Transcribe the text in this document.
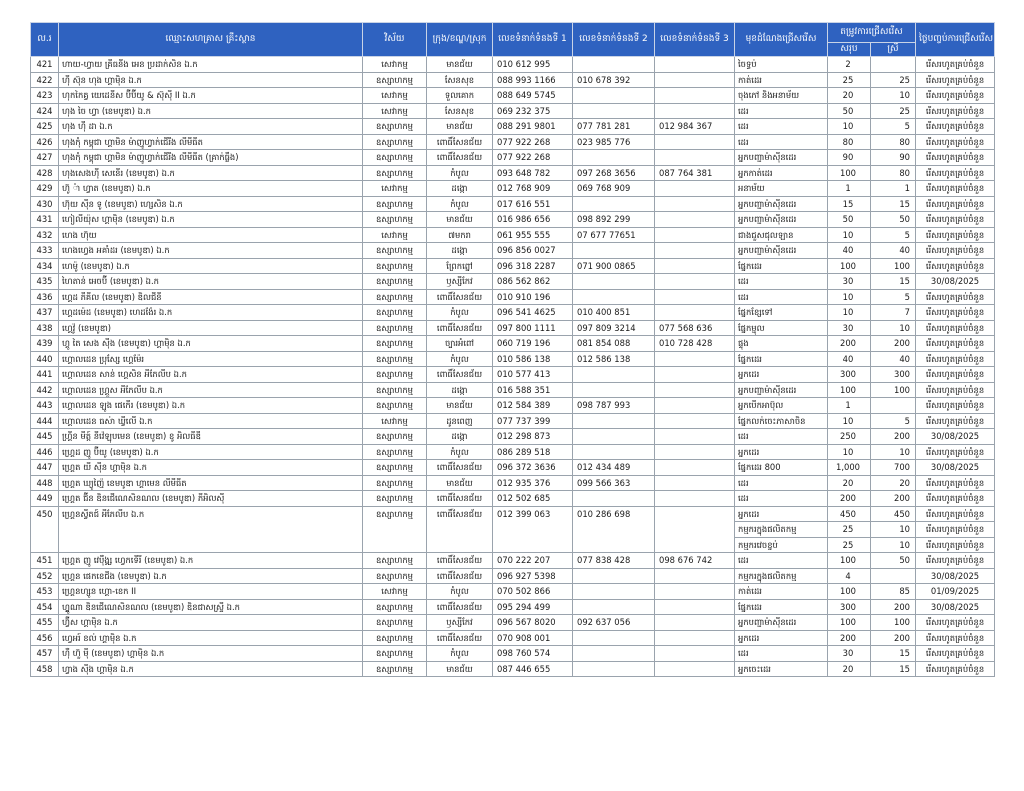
ល.រ	ឈ្មោះសហគ្រាស គ្រឹះស្ថាន	វិស័យ	ក្រុង/ខណ្ឌ/ស្រុក	លេខទំនាក់ទំនងទី 1	លេខទំនាក់ទំនងទី 2	លេខទំនាក់ទំនងទី 3	មុខដំណែងជ្រើសរើស	តម្រូវការជ្រើសរើស		ថ្ងៃបញ្ចប់ការជ្រើសរើស
								សរុប	ស្រី	
421	ហាយ-ហ្វាយ គ្រីធនីង អេន ប្រដាក់សិន ឯ.ក	សេវាកម្ម	មានជ័យ	010 612 995			ចៃទ្ធប់	2		រើសរហូតគ្រប់ចំនួន
422	ហ៊ី ស៊ុន ហុង ហ្គាម៉ិន ឯ.ក	ឧស្សាហកម្ម	សែនសុខ	088 993 1166	010 678 392		កាត់ដេរ	25	25	រើសរហូតគ្រប់ចំនួន
423	ហុកកៃគ្វ យេដេនីស ប៊ីប៊ីយូ & ស៊ុស៊ី II ឯ.ក	សេវាកម្ម	ទួលគោក	088 649 5745			ចុងភៅ និងអនាម័យ	20	10	រើសរហូតគ្រប់ចំនួន
424	ហុង ចៃ ហ្វា (ខេមបូឌា) ឯ.ក	សេវាកម្ម	សែនសុខ	069 232 375			ដេរ	50	25	រើសរហូតគ្រប់ចំនួន
425	ហុង ហ៊ី ដា ឯ.ក	ឧស្សាហកម្ម	មានជ័យ	088 291 9801	077 781 281	012 984 367	ដេរ	10	5	រើសរហូតគ្រប់ចំនួន
426	ហុងកុំ កម្ពុជា ហ្គាមិន ម៉ាញូហ្វាក់ជើរីង លីមីធីត	ឧស្សាហកម្ម	ពោធិ៍សែនជ័យ	077 922 268	023 985 776		ដេរ	80	80	រើសរហូតគ្រប់ចំនួន
427	ហុងកុំ កម្ពុជា ហ្គាមិន ម៉ាញូហ្វាក់ជើរីង លីមីធីត (គ្រាក់ធ្លឹង)	ឧស្សាហកម្ម	ពោធិ៍សែនជ័យ	077 922 268			អ្នកបញ្ជាម៉ាស៊ីនដេរ	90	90	រើសរហូតគ្រប់ចំនួន
428	ហុងសេងហ៊ី សេនើរ (ខេមបូឌា) ឯ.ក	ឧស្សាហកម្ម	កំបូល	093 648 782	097 268 3656	087 764 381	អ្នកកាត់ដេរ	100	80	រើសរហូតគ្រប់ចំនួន
429	ហ៊ូ ៉ា ហ្វាត (ខេមបូឌា) ឯ.ក	សេវាកម្ម	ដង្កោ	012 768 909	069 768 909		អនាម័យ	1	1	រើសរហូតគ្រប់ចំនួន
430	ហ៊ុយ ស៊ីន ទូ (ខេមបូឌា) ហ្សេសិន ឯ.ក	ឧស្សាហកម្ម	កំបូល	017 616 551			អ្នកបញ្ជាម៉ាស៊ីនដេរ	15	15	រើសរហូតគ្រប់ចំនួន
431	ហៀលីយ៉ុស ហ្គាម៉ិន (ខេមបូឌា) ឯ.ក	ឧស្សាហកម្ម	មានជ័យ	016 986 656	098 892 299		អ្នកបញ្ជាម៉ាស៊ីនដេរ	50	50	រើសរហូតគ្រប់ចំនួន
432	ហេង ហ៊ុយ	សេវាកម្ម	៧មករា	061 955 555	07 677 77651		ជាងជួសជុលឡាន	10	5	រើសរហូតគ្រប់ចំនួន
433	ហេងហ្វេង អគាំដរ (ខេមបូឌា) ឯ.ក	ឧស្សាហកម្ម	ដង្កោ	096 856 0027			អ្នកបញ្ជាម៉ាស៊ីនដេរ	40	40	រើសរហូតគ្រប់ចំនួន
434	ហេម៉ូ (ខេមបូឌា) ឯ.ក	ឧស្សាហកម្ម	ព្រែកព្នៅ	096 318 2287	071 900 0865		ផ្នែកដេរ	100	100	រើសរហូតគ្រប់ចំនួន
435	ហៃតាន់ អេចប៊ី (ខេមបូឌា) ឯ.ក	ឧស្សាហកម្ម	ឫស្សីកែវ	086 562 862			ដេរ	30	15	30/08/2025
436	ហ្គេដ ភីគីល (ខេមបូឌា) ឌិលជីនី	ឧស្សាហកម្ម	ពោធិ៍សែនជ័យ	010 910 196			ដេរ	10	5	រើសរហូតគ្រប់ចំនួន
437	ហ្គេដម៉េដ (ខេមបូឌា) ហេដង៉ែរ ឯ.ក	ឧស្សាហកម្ម	កំបូល	096 541 4625	010 400 851		ផ្នែកខ្សែទៅ	10	7	រើសរហូតគ្រប់ចំនួន
438	ហ្គេវ៉ូ (ខេមបូឌា)	ឧស្សាហកម្ម	ពោធិ៍សែនជ័យ	097 800 1111	097 809 3214	077 568 636	ផ្នែកម្ជុល	30	10	រើសរហូតគ្រប់ចំនួន
439	ហ្គូ តៃ សេង ស៊ីង (ខេមបូឌា) ហ្គាម៉ិន ឯ.ក	ឧស្សាហកម្ម	ច្បារអំពៅ	060 719 196	081 854 088	010 728 428	ផ្ទុង	200	200	រើសរហូតគ្រប់ចំនួន
440	ហ្គោលដេន ប្រុស្សែ ហ្គេម៉ែរ	ឧស្សាហកម្ម	កំបូល	010 586 138	012 586 138		ផ្នែកដេរ	40	40	រើសរហូតគ្រប់ចំនួន
441	ហ្គោលដេន សាន់ ហ្គេសិន អីភែលីប ឯ.ក	ឧស្សាហកម្ម	ពោធិ៍សែនជ័យ	010 577 413			អ្នកដេរ	300	300	រើសរហូតគ្រប់ចំនួន
442	ហ្គោលដេន ហ្គ្រួស អីភែលីប ឯ.ក	ឧស្សាហកម្ម	ដង្កោ	016 588 351			អ្នកបញ្ជាម៉ាស៊ីនដេរ	100	100	រើសរហូតគ្រប់ចំនួន
443	ហ្គោលដេន ឡូង ផេកើរ (ខេមបូឌា) ឯ.ក	ឧស្សាហកម្ម	មានជ័យ	012 584 389	098 787 993		អ្នកបើកអាប៊ុល	1		រើសរហូតគ្រប់ចំនួន
444	ហ្គោលដេន ធស់ា ឃ្វីលើ ឯ.ក	សេវាកម្ម	ដូនពេញ	077 737 399			ផ្នែកលក់ចេះភាសាចិន	10	5	រើសរហូតគ្រប់ចំនួន
445	ហ្គ្រីន មីត្ត៍ នីវ៉េឡុបមេន (ខេមបូឌា) ខូ អិលធីឌី	ឧស្សាហកម្ម	ដង្កោ	012 298 873			ដេរ	250	200	30/08/2025
446	ហ្គ្រេដ ញូ ប៊ីយូ (ខេមបូឌា) ឯ.ក	ឧស្សាហកម្ម	កំបូល	086 289 518			អ្នកដេរ	10	10	រើសរហូតគ្រប់ចំនួន
447	ហ្គ្រេត យី ស៊ីន ហ្គាម៉ិន ឯ.ក	ឧស្សាហកម្ម	ពោធិ៍សែនជ័យ	096 372 3636	012 434 489		ផ្នែកដេរ 800	1,000	700	30/08/2025
448	ហ្គ្រេត ឃ្យូញ៉ៃ ខេមបូឌា ហ្គាមេន លីមីធីត	ឧស្សាហកម្ម	មានជ័យ	012 935 376	099 566 363		ដេរ	20	20	រើសរហូតគ្រប់ចំនួន
449	ហ្គ្រេត ជ៊ីន ឌិនជើណេសិនណល (ខេមបូឌា) ភីអិលស៊ី	ឧស្សាហកម្ម	ពោធិ៍សែនជ័យ	012 502 685			ដេរ	200	200	រើសរហូតគ្រប់ចំនួន
450	ហ្គ្រេនស្វីតជ៍ អីភែលីប ឯ.ក	ឧស្សាហកម្ម	ពោធិ៍សែនជ័យ	012 399 063	010 286 698		អ្នកដេរ	450	450	រើសរហូតគ្រប់ចំនួន
							កម្មករក្នុងផលិតកម្ម	25	10	រើសរហូតគ្រប់ចំនួន
							កម្មករវេចខ្ចប់	25	10	រើសរហូតគ្រប់ចំនួន
451	ហ្គ្រេត ញូ វេប៉ឺង្គ្ស ហ្វេកទើរី (ខេមបូឌា) ឯ.ក	ឧស្សាហកម្ម	ពោធិ៍សែនជ័យ	070 222 207	077 838 428	098 676 742	ដេរ	100	50	រើសរហូតគ្រប់ចំនួន
452	ហ្គ្រេន ផេកខេជីង (ខេមបូឌា) ឯ.ក	ឧស្សាហកម្ម	ពោធិ៍សែនជ័យ	096 927 5398			កម្មករក្នុងផលិតកម្ម	4		30/08/2025
453	ហ្គ្រេនហ្សូន ហ្គោ-ខេក II	សេវាកម្ម	កំបូល	070 502 866			កាត់ដេរ	100	85	01/09/2025
454	ហ្គ្លូណា ឌិនជើណេសិនណល (ខេមបូឌា) ឌិនជាសស្ទ្រី ឯ.ក	ឧស្សាហកម្ម	ពោធិ៍សែនជ័យ	095 294 499			ផ្នែកដេរ	300	200	30/08/2025
455	ហ្វ៊ីស ហ្គាម៉ិន ឯ.ក	ឧស្សាហកម្ម	ឫស្សីកែវ	096 567 8020	092 637 056		អ្នកបញ្ជាម៉ាស៊ីនដេរ	100	100	រើសរហូតគ្រប់ចំនួន
456	ហ្វេអរ៍ ខល់ ហ្គាម៉ិន ឯ.ក	ឧស្សាហកម្ម	ពោធិ៍សែនជ័យ	070 908 001			អ្នកដេរ	200	200	រើសរហូតគ្រប់ចំនួន
457	ហ៊ឺ ហ៊ួ ម៉ី (ខេមបូឌា) ហ្គាម៉ិន ឯ.ក	ឧស្សាហកម្ម	កំបូល	098 760 574			ដេរ	30	15	រើសរហូតគ្រប់ចំនួន
458	ហ្វាង ស៊ីង ហ្គាម៉ិន ឯ.ក	ឧស្សាហកម្ម	មានជ័យ	087 446 655			អ្នកចេះដេរ	20	15	រើសរហូតគ្រប់ចំនួន
